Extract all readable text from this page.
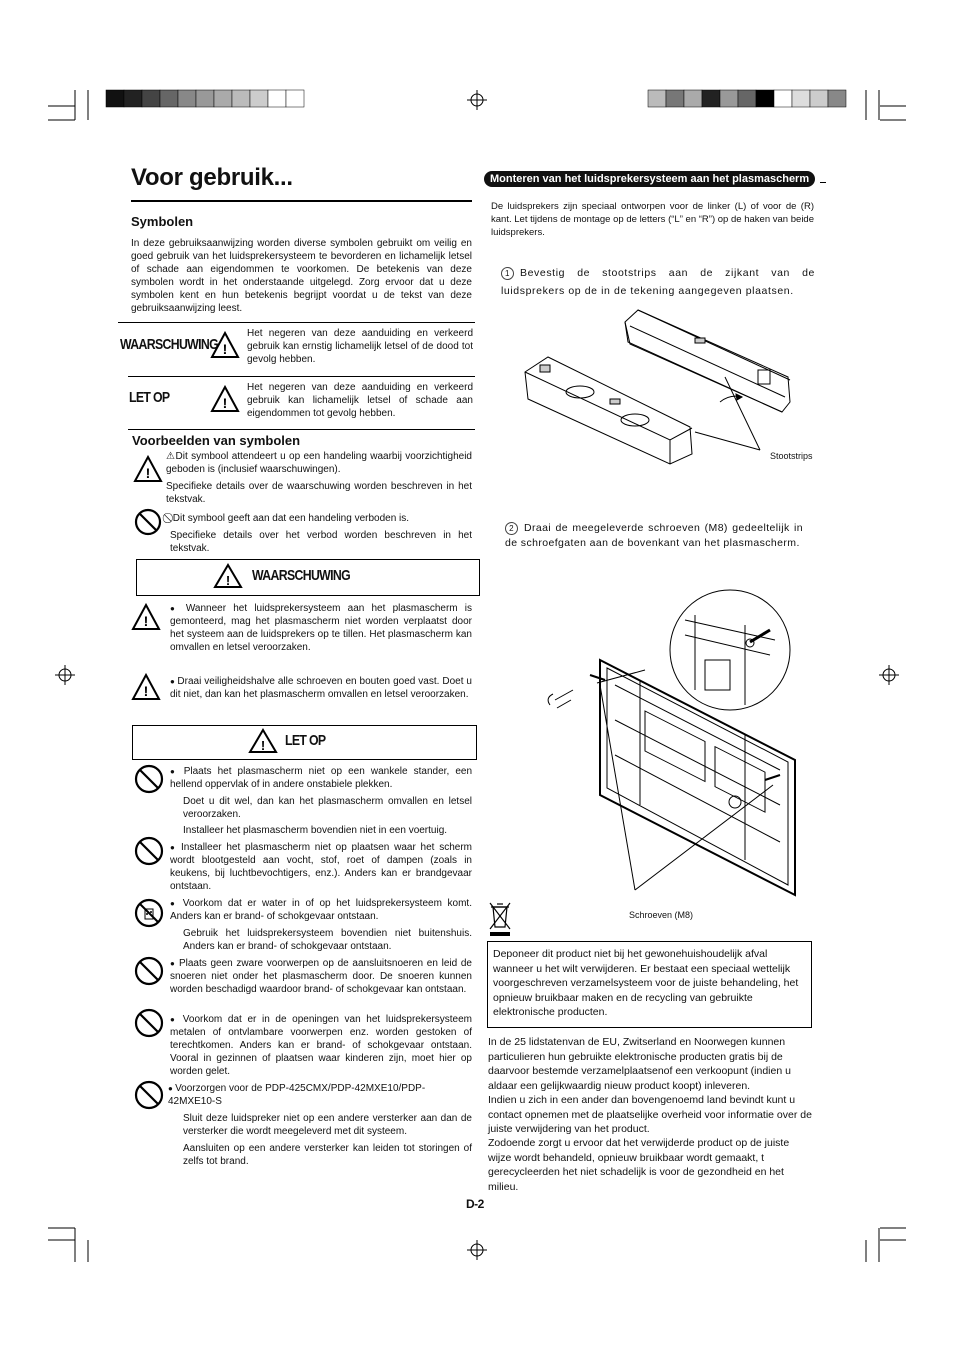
Voor gebruik...
Symbolen
In deze gebruiksaanwijzing worden diverse symbolen gebruikt om veilig en goed gebruik van het luidsprekersysteem te bevorderen en lichamelijk letsel of schade aan eigendommen te voorkomen. De betekenis van deze symbolen wordt in het onderstaande uitgelegd. Zorg ervoor dat u deze symbolen kent en hun betekenis begrijpt voordat u de tekst van deze gebruiksaanwijzing leest.
WAARSCHUWING !
Het negeren van deze aanduiding en verkeerd gebruik kan ernstig lichamelijk letsel of de dood tot gevolg hebben.
LET OP	!
Het negeren van deze aanduiding en verkeerd gebruik kan lichamelijk letsel of schade aan eigendommen tot gevolg hebben.
Voorbeelden van symbolen
!
⚠Dit symbool attendeert u op een handeling waarbij voorzichtigheid geboden is (inclusief waarschuwingen).
Specifieke details over de waarschuwing worden beschreven in het tekstvak.
⃠ Dit symbool geeft aan dat een handeling verboden is.
Specifieke details over het verbod worden beschreven in het tekstvak.
! WAARSCHUWING
!
● Wanneer het luidsprekersysteem aan het plasmascherm is gemonteerd, mag het plasmascherm niet worden verplaatst door het systeem aan de luidsprekers op te tillen. Het plasmascherm kan omvallen en letsel veroorzaken.
!
● Draai veiligheidshalve alle schroeven en bouten goed vast. Doet u dit niet, dan kan het plasmascherm omvallen en letsel veroorzaken.
! LET OP
● Plaats het plasmascherm niet op een wankele stander, een hellend oppervlak of in andere onstabiele plekken.
Doet u dit wel, dan kan het plasmascherm omvallen en letsel veroorzaken.
Installeer het plasmascherm bovendien niet in een voertuig.
● Installeer het plasmascherm niet op plaatsen waar het scherm wordt blootgesteld aan vocht, stof, roet of dampen (zoals in keukens, bij luchtbevochtigers, enz.). Anders kan er brandgevaar ontstaan.
● Voorkom dat er water in of op het luidsprekersysteem komt. Anders kan er brand- of schokgevaar ontstaan.
Gebruik het luidsprekersysteem bovendien niet buitenshuis. Anders kan er brand- of schokgevaar ontstaan.
● Plaats geen zware voorwerpen op de aansluitsnoeren en leid de snoeren niet onder het plasmascherm door. De snoeren kunnen worden beschadigd waardoor brand- of schokgevaar kan ontstaan.
● Voorkom dat er in de openingen van het luidsprekersysteem metalen of ontvlambare voorwerpen enz. worden gestoken of terechtkomen. Anders kan er brand- of schokgevaar ontstaan. Vooral in gezinnen of plaatsen waar kinderen zijn, moet hier op worden gelet.
● Voorzorgen voor de PDP-425CMX/PDP-42MXE10/PDP-42MXE10-S
Sluit deze luidspreker niet op een andere versterker aan dan de versterker die wordt meegeleverd met dit systeem.
Aansluiten op een andere versterker kan leiden tot storingen of zelfs tot brand.
Monteren van het luidsprekersysteem aan het plasmascherm
De luidsprekers zijn speciaal ontworpen voor de linker (L) of voor de (R) kant. Let tijdens de montage op de letters (“L” en “R”) op de haken van beide luidsprekers.
1 Bevestig de stootstrips aan de zijkant van de luidsprekers op de in de tekening aangegeven plaatsen.
Stootstrips
2 Draai de meegeleverde schroeven (M8) gedeeltelijk in de schroefgaten aan de bovenkant van het plasmascherm.
Schroeven (M8)
Deponeer dit product niet bij het gewonehuishoudelijk afval wanneer u het wilt verwijderen. Er bestaat een speciaal wettelijk voorgeschreven verzamelsysteem voor de juiste behandeling, het opnieuw bruikbaar maken en de recycling van gebruikte elektronische producten.
In de 25 lidstatenvan de EU, Zwitserland en Noorwegen kunnen particulieren hun gebruikte elektronische producten gratis bij de daarvoor bestemde verzamelplaatsenof een verkoopunt (indien u aldaar een gelijkwaardig nieuw product koopt) inleveren.
Indien u zich in een ander dan bovengenoemd land bevindt kunt u contact opnemen met de plaatselijke overheid voor informatie over de juiste verwijdering van het product.
Zodoende zorgt u ervoor dat het verwijderde product op de juiste wijze wordt behandeld, opnieuw bruikbaar wordt gemaakt, t gerecycleerden het niet schadelijk is voor de gezondheid en het milieu.
D-2
